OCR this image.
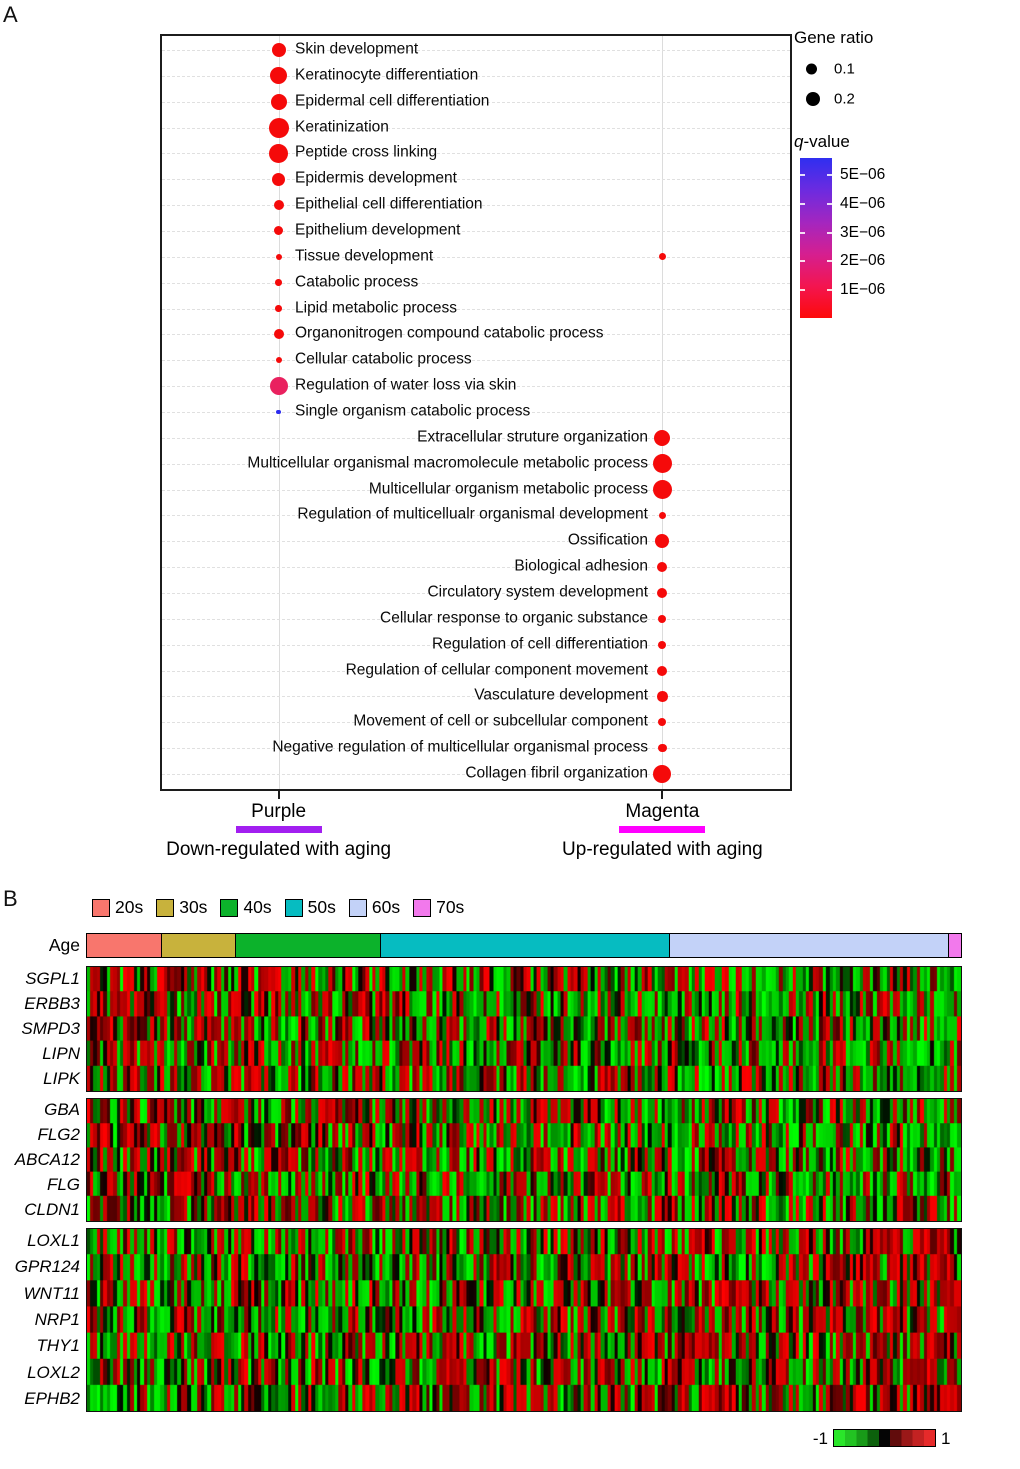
A
Skin development
Keratinocyte differentiation
Epidermal cell differentiation
Keratinization
Peptide cross linking
Epidermis development
Epithelial cell differentiation
Epithelium development
Tissue development
Catabolic process
Lipid metabolic process
Organonitrogen compound catabolic process
Cellular catabolic process
Regulation of water loss via skin
Single organism catabolic process
Extracellular struture organization
Multicellular organismal macromolecule metabolic process
Multicellular organism metabolic process
Regulation of multicellualr organismal development
Ossification
Biological adhesion
Circulatory system development
Cellular response to organic substance
Regulation of cell differentiation
Regulation of cellular component movement
Vasculature development
Movement of cell or subcellular component
Negative regulation of multicellular organismal process
Collagen fibril organization
Purple
Down-regulated with aging
Magenta
Up-regulated with aging
Gene ratio
0.1
0.2
q-value
5E−06
4E−06
3E−06
2E−06
1E−06
B	20s 30s 40s 50s 60s 70s
Age
SGPL1
ERBB3
SMPD3
LIPN
LIPK
GBA
FLG2
ABCA12
FLG
CLDN1
LOXL1
GPR124
WNT11
NRP1
THY1
LOXL2
EPHB2
-1	1
